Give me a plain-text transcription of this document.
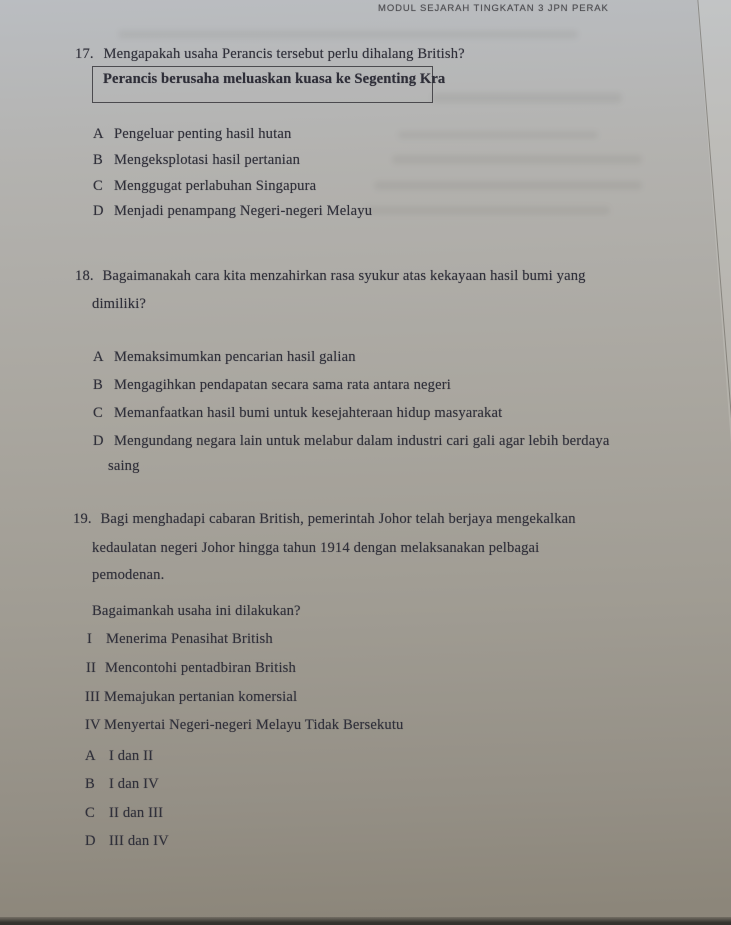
MODUL SEJARAH TINGKATAN 3 JPN PERAK
17. Mengapakah usaha Perancis tersebut perlu dihalang British?
Perancis berusaha meluaskan kuasa ke Segenting Kra
A Pengeluar penting hasil hutan
B Mengeksplotasi hasil pertanian
C Menggugat perlabuhan Singapura
D Menjadi penampang Negeri-negeri Melayu
18. Bagaimanakah cara kita menzahirkan rasa syukur atas kekayaan hasil bumi yang
dimiliki?
A Memaksimumkan pencarian hasil galian
B Mengagihkan pendapatan secara sama rata antara negeri
C Memanfaatkan hasil bumi untuk kesejahteraan hidup masyarakat
D Mengundang negara lain untuk melabur dalam industri cari gali agar lebih berdaya
saing
19. Bagi menghadapi cabaran British, pemerintah Johor telah berjaya mengekalkan
kedaulatan negeri Johor hingga tahun 1914 dengan melaksanakan pelbagai
pemodenan.
Bagaimankah usaha ini dilakukan?
I Menerima Penasihat British
II Mencontohi pentadbiran British
III Memajukan pertanian komersial
IV Menyertai Negeri-negeri Melayu Tidak Bersekutu
A I dan II
B I dan IV
C II dan III
D III dan IV
